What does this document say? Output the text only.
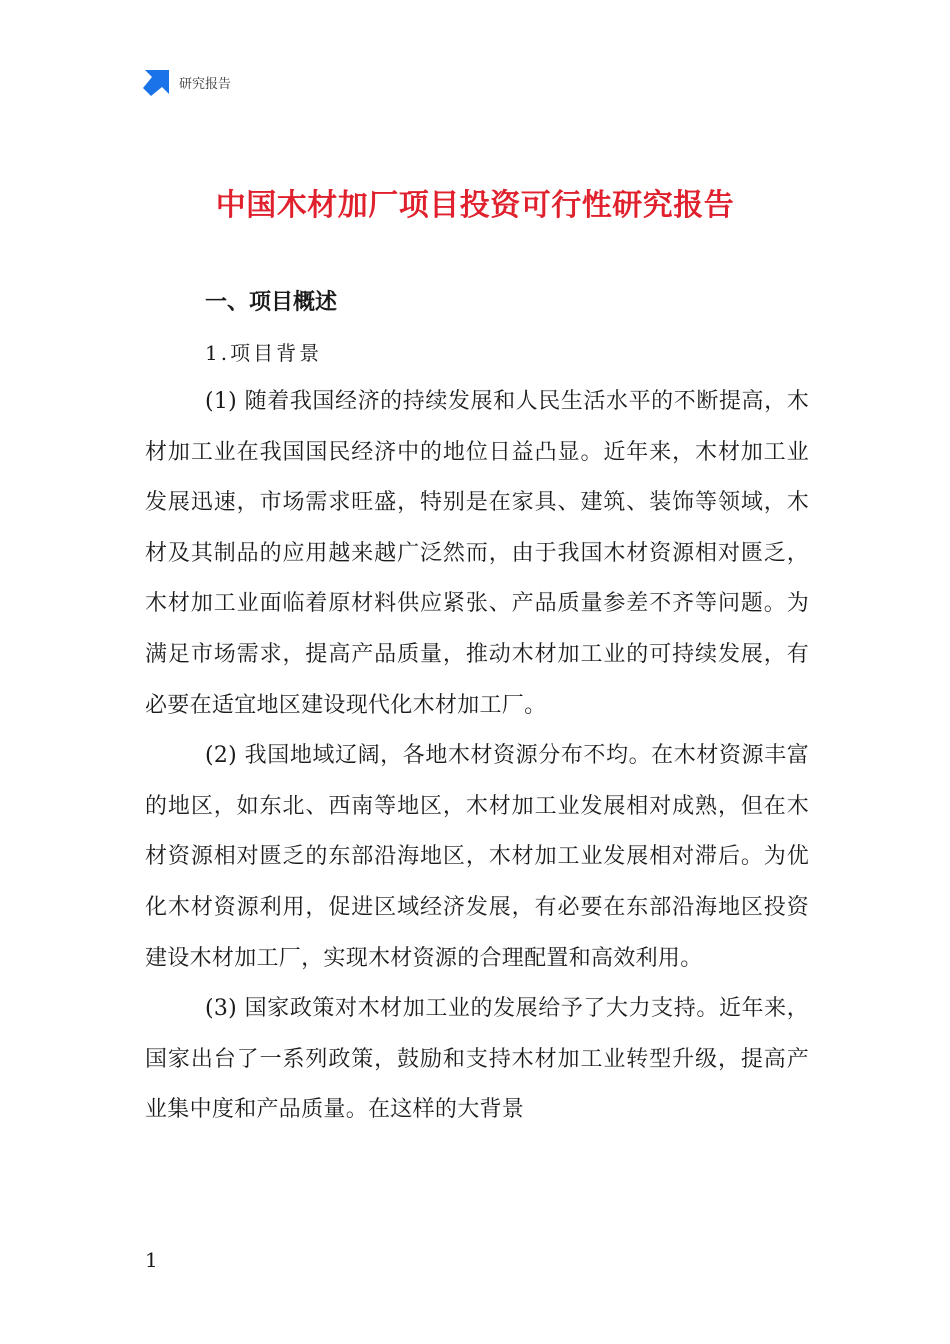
研究报告
中国木材加厂项目投资可行性研究报告
一、项目概述
1.项目背景

(1) 随着我国经济的持续发展和人民生活水平的不断提高，木材加工业在我国国民经济中的地位日益凸显。近年来，木材加工业发展迅速，市场需求旺盛，特别是在家具、建筑、装饰等领域，木材及其制品的应用越来越广泛然而，由于我国木材资源相对匮乏，木材加工业面临着原材料供应紧张、产品质量参差不齐等问题。为满足市场需求，提高产品质量，推动木材加工业的可持续发展，有必要在适宜地区建设现代化木材加工厂。

(2) 我国地域辽阔，各地木材资源分布不均。在木材资源丰富的地区，如东北、西南等地区，木材加工业发展相对成熟，但在木材资源相对匮乏的东部沿海地区，木材加工业发展相对滞后。为优化木材资源利用，促进区域经济发展，有必要在东部沿海地区投资建设木材加工厂，实现木材资源的合理配置和高效利用。

(3) 国家政策对木材加工业的发展给予了大力支持。近年来，国家出台了一系列政策，鼓励和支持木材加工业转型升级，提高产业集中度和产品质量。在这样的大背景

1
